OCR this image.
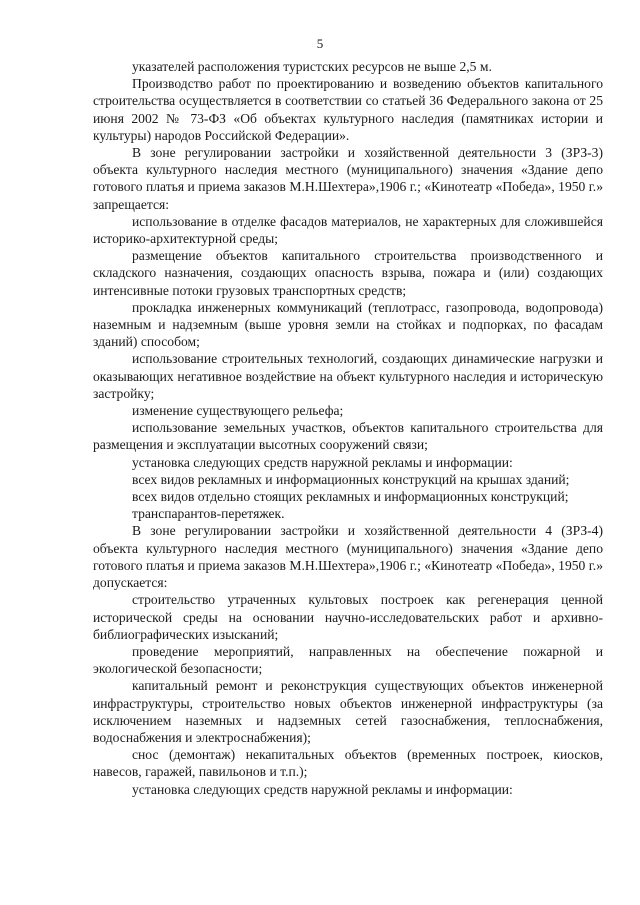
5

указателей расположения туристских ресурсов не выше 2,5 м.

Производство работ по проектированию и возведению объектов капитального строительства осуществляется в соответствии со статьей 36 Федерального закона от 25 июня 2002 № 73-ФЗ «Об объектах культурного наследия (памятниках истории и культуры) народов Российской Федерации».

В зоне регулировании застройки и хозяйственной деятельности 3 (ЗРЗ-3) объекта культурного наследия местного (муниципального) значения «Здание депо готового платья и приема заказов М.Н.Шехтера»,1906 г.; «Кинотеатр «Победа», 1950 г.» запрещается:

использование в отделке фасадов материалов, не характерных для сложившейся историко-архитектурной среды;

размещение объектов капитального строительства производственного и складского назначения, создающих опасность взрыва, пожара и (или) создающих интенсивные потоки грузовых транспортных средств;

прокладка инженерных коммуникаций (теплотрасс, газопровода, водопровода) наземным и надземным (выше уровня земли на стойках и подпорках, по фасадам зданий) способом;

использование строительных технологий, создающих динамические нагрузки и оказывающих негативное воздействие на объект культурного наследия и историческую застройку;

изменение существующего рельефа;

использование земельных участков, объектов капитального строительства для размещения и эксплуатации высотных сооружений связи;

установка следующих средств наружной рекламы и информации:

всех видов рекламных и информационных конструкций на крышах зданий;

всех видов отдельно стоящих рекламных и информационных конструкций;

транспарантов-перетяжек.

В зоне регулировании застройки и хозяйственной деятельности 4 (ЗРЗ-4) объекта культурного наследия местного (муниципального) значения «Здание депо готового платья и приема заказов М.Н.Шехтера»,1906 г.; «Кинотеатр «Победа», 1950 г.» допускается:

строительство утраченных культовых построек как регенерация ценной исторической среды на основании научно-исследовательских работ и архивно-библиографических изысканий;

проведение мероприятий, направленных на обеспечение пожарной и экологической безопасности;

капитальный ремонт и реконструкция существующих объектов инженерной инфраструктуры, строительство новых объектов инженерной инфраструктуры (за исключением наземных и надземных сетей газоснабжения, теплоснабжения, водоснабжения и электроснабжения);

снос (демонтаж) некапитальных объектов (временных построек, киосков, навесов, гаражей, павильонов и т.п.);

установка следующих средств наружной рекламы и информации:
